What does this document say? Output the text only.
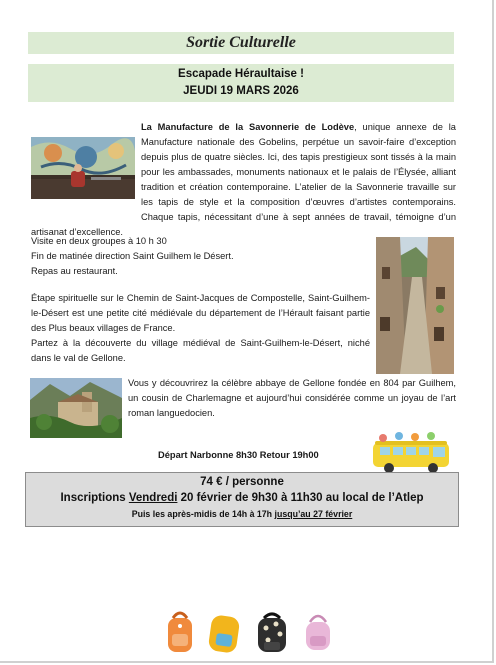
Sortie Culturelle
Escapade Héraultaise !
JEUDI 19 MARS 2026
La Manufacture de la Savonnerie de Lodève, unique annexe de la Manufacture nationale des Gobelins, perpétue un savoir-faire d’exception depuis plus de quatre siècles. Ici, des tapis prestigieux sont tissés à la main pour les ambassades, monuments nationaux et le palais de l’Élysée, alliant tradition et création contemporaine. L’atelier de la Savonnerie travaille sur les tapis de style et la composition d’œuvres d’artistes contemporains. Chaque tapis, nécessitant d’une à sept années de travail, témoigne d’un artisanat d’excellence.
Visite en deux groupes à 10 h 30
Fin de matinée direction Saint Guilhem le Désert.
Repas au restaurant.
Étape spirituelle sur le Chemin de Saint-Jacques de Compostelle, Saint-Guilhem-le-Désert est une petite cité médiévale du département de l’Hérault faisant partie des Plus beaux villages de France.
Partez à la découverte du village médiéval de Saint-Guilhem-le-Désert, niché dans le val de Gellone.
Vous y découvrirez la célèbre abbaye de Gellone fondée en 804 par Guilhem, un cousin de Charlemagne et aujourd’hui considérée comme un joyau de l’art roman languedocien.
Départ Narbonne 8h30 Retour 19h00
74 € / personne
Inscriptions Vendredi 20 février de 9h30 à 11h30 au local de l’Atlep
Puis les après-midis de 14h à 17h jusqu’au 27 février
